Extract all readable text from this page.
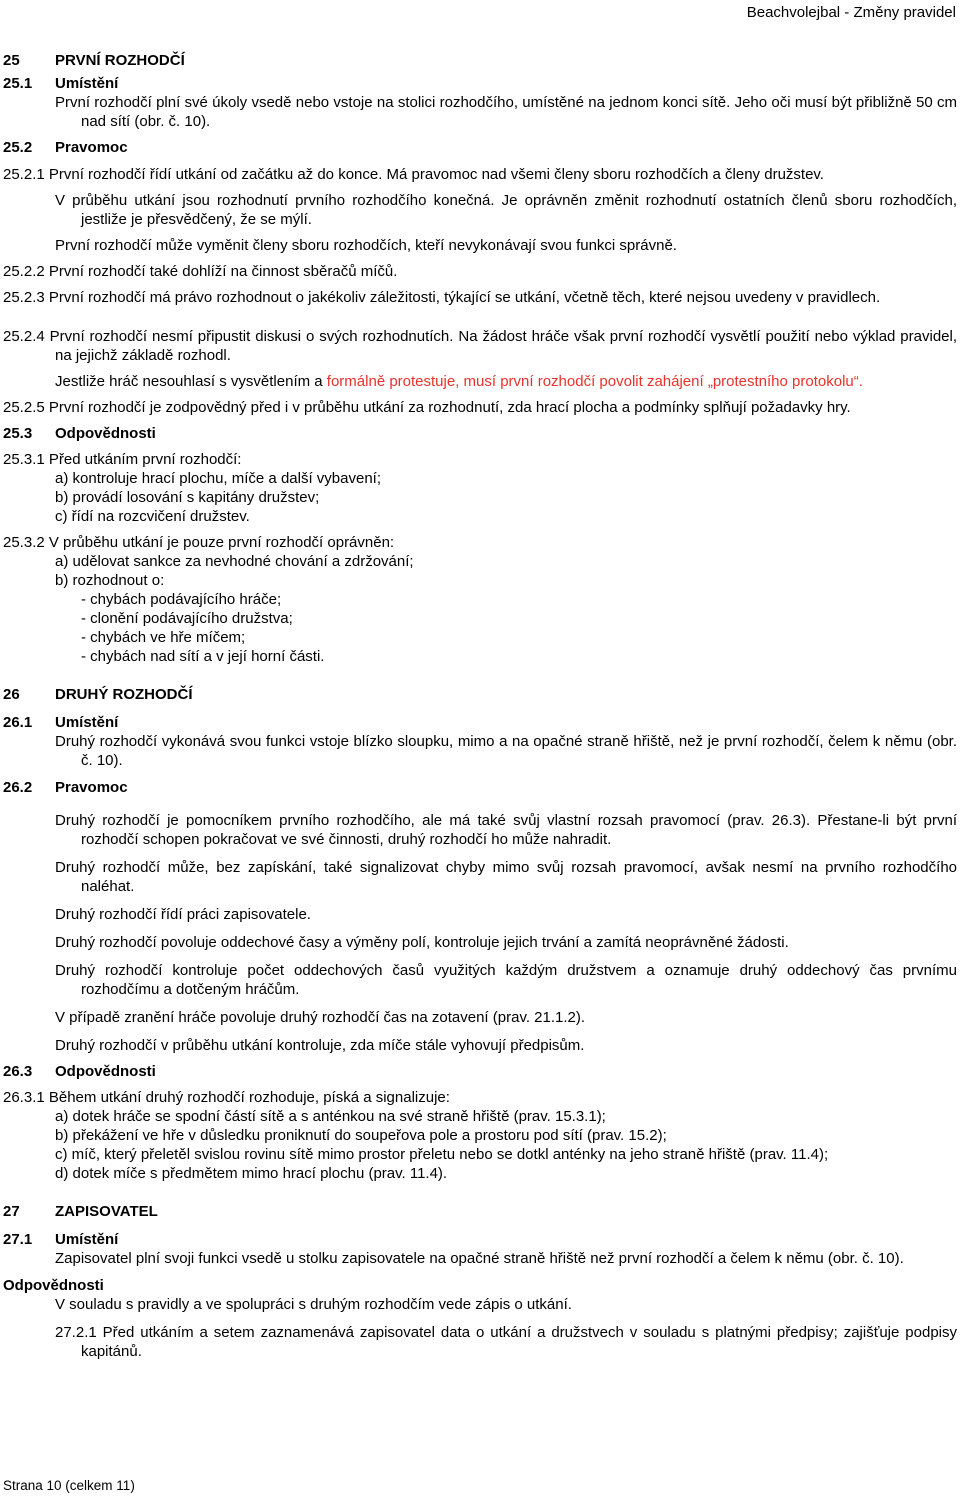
Beachvolejbal - Změny pravidel
25	PRVNÍ ROZHODČÍ
25.1	Umístění
První rozhodčí plní své úkoly vsedě nebo vstoje na stolici rozhodčího, umístěné na jednom konci sítě. Jeho oči musí být přibližně 50 cm nad sítí (obr. č. 10).
25.2	Pravomoc
25.2.1 První rozhodčí řídí utkání od začátku až do konce. Má pravomoc nad všemi členy sboru rozhodčích a členy družstev.
V průběhu utkání jsou rozhodnutí prvního rozhodčího konečná. Je oprávněn změnit rozhodnutí ostatních členů sboru rozhodčích, jestliže je přesvědčený, že se mýlí.
První rozhodčí může vyměnit členy sboru rozhodčích, kteří nevykonávají svou funkci správně.
25.2.2 První rozhodčí také dohlíží na činnost sběračů míčů.
25.2.3 První rozhodčí má právo rozhodnout o jakékoliv záležitosti, týkající se utkání, včetně těch, které nejsou uvedeny v pravidlech.
25.2.4 První rozhodčí nesmí připustit diskusi o svých rozhodnutích. Na žádost hráče však první rozhodčí vysvětlí použití nebo výklad pravidel, na jejichž základě rozhodl.
Jestliže hráč nesouhlasí s vysvětlením a formálně protestuje, musí první rozhodčí povolit zahájení „protestního protokolu“.
25.2.5 První rozhodčí je zodpovědný před i v průběhu utkání za rozhodnutí, zda hrací plocha a podmínky splňují požadavky hry.
25.3	Odpovědnosti
25.3.1 Před utkáním první rozhodčí:
a) kontroluje hrací plochu, míče a další vybavení;
b) provádí losování s kapitány družstev;
c) řídí na rozcvičení družstev.
25.3.2 V průběhu utkání je pouze první rozhodčí oprávněn:
a) udělovat sankce za nevhodné chování a zdržování;
b) rozhodnout o:
- chybách podávajícího hráče;
- clonění podávajícího družstva;
- chybách ve hře míčem;
- chybách nad sítí a v její horní části.
26	DRUHÝ ROZHODČÍ
26.1	Umístění
Druhý rozhodčí vykonává svou funkci vstoje blízko sloupku, mimo a na opačné straně hřiště, než je první rozhodčí, čelem k němu (obr. č. 10).
26.2	Pravomoc
Druhý rozhodčí je pomocníkem prvního rozhodčího, ale má také svůj vlastní rozsah pravomocí (prav. 26.3). Přestane-li být první rozhodčí schopen pokračovat ve své činnosti, druhý rozhodčí ho může nahradit.
Druhý rozhodčí může, bez zapískání, také signalizovat chyby mimo svůj rozsah pravomocí, avšak nesmí na prvního rozhodčího naléhat.
Druhý rozhodčí řídí práci zapisovatele.
Druhý rozhodčí povoluje oddechové časy a výměny polí, kontroluje jejich trvání a zamítá neoprávněné žádosti.
Druhý rozhodčí kontroluje počet oddechových časů využitých každým družstvem a oznamuje druhý oddechový čas prvnímu rozhodčímu a dotčeným hráčům.
V případě zranění hráče povoluje druhý rozhodčí čas na zotavení (prav. 21.1.2).
Druhý rozhodčí v průběhu utkání kontroluje, zda míče stále vyhovují předpisům.
26.3	Odpovědnosti
26.3.1 Během utkání druhý rozhodčí rozhoduje, píská a signalizuje:
a) dotek hráče se spodní částí sítě a s anténkou na své straně hřiště (prav. 15.3.1);
b) překážení ve hře v důsledku proniknutí do soupeřova pole a prostoru pod sítí (prav. 15.2);
c) míč, který přeletěl svislou rovinu sítě mimo prostor přeletu nebo se dotkl anténky na jeho straně hřiště (prav. 11.4);
d) dotek míče s předmětem mimo hrací plochu (prav. 11.4).
27	ZAPISOVATEL
27.1	Umístění
Zapisovatel plní svoji funkci vsedě u stolku zapisovatele na opačné straně hřiště než první rozhodčí a čelem k němu (obr. č. 10).
Odpovědnosti
V souladu s pravidly a ve spolupráci s druhým rozhodčím vede zápis o utkání.
27.2.1 Před utkáním a setem zaznamenává zapisovatel data o utkání a družstvech v souladu s platnými předpisy; zajišťuje podpisy kapitánů.
Strana 10 (celkem 11)
